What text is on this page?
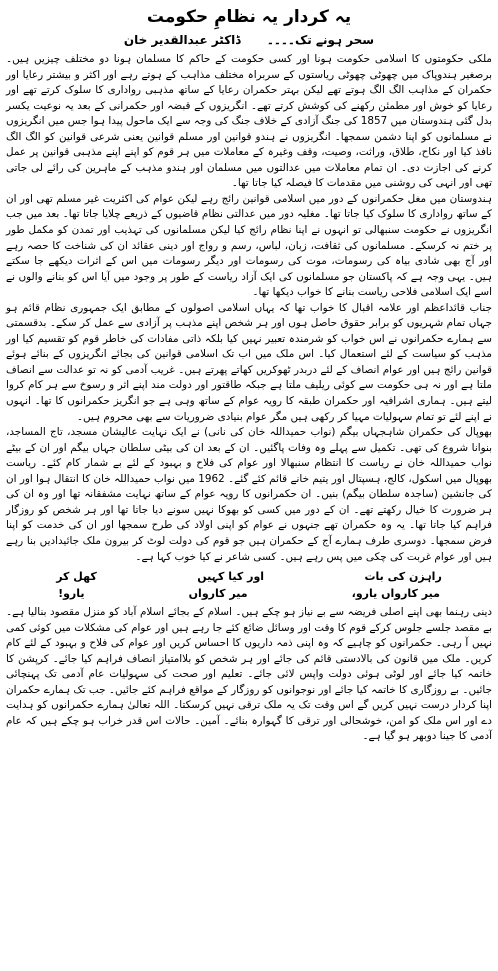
یہ کردار یہ نظامِ حکومت
سحر ہونے تک۔۔۔۔ ڈاکٹر عبدالقدیر خان

ملکی حکومتوں کا اسلامی حکومت ہونا اور کسی حکومت کے حاکم کا مسلمان ہونا دو مختلف چیزیں ہیں۔ برصغیر ہندوپاک میں چھوٹی چھوٹی ریاستوں کے سربراہ مختلف مذاہب کے ہوتے رہے اور اکثر و بیشتر رعایا اور حکمران کے مذاہب الگ الگ ہوتے تھے لیکن بہتر حکمران رعایا کے ساتھ مذہبی رواداری کا سلوک کرتے تھے اور رعایا کو خوش اور مطمئن رکھنے کی کوشش کرتے تھے۔ انگریزوں کے قبضہ اور حکمرانی کے بعد یہ نوعیت یکسر بدل گئی ہندوستان میں 1857 کی جنگ آزادی کے خلاف جنگ کی وجہ سے ایک ماحول پیدا ہوا جس میں انگریزوں نے مسلمانوں کو اپنا دشمن سمجھا۔ انگریزوں نے ہندو قوانین اور مسلم قوانین یعنی شرعی قوانین کو الگ الگ نافذ کیا اور نکاح، طلاق، وراثت، وصیت، وقف وغیرہ کے معاملات میں ہر قوم کو اپنے اپنے مذہبی قوانین پر عمل کرنے کی اجازت دی۔ ان تمام معاملات میں عدالتوں میں مسلمان اور ہندو مذہب کے ماہرین کی رائے لی جاتی تھی اور انہی کی روشنی میں مقدمات کا فیصلہ کیا جاتا تھا۔

ہندوستان میں مغل حکمرانوں کے دور میں اسلامی قوانین رائج رہے لیکن عوام کی اکثریت غیر مسلم تھی اور ان کے ساتھ رواداری کا سلوک کیا جاتا تھا۔ مغلیہ دور میں عدالتی نظام قاضیوں کے ذریعے چلایا جاتا تھا۔ بعد میں جب انگریزوں نے حکومت سنبھالی تو انہوں نے اپنا نظام رائج کیا لیکن مسلمانوں کی تہذیب اور تمدن کو مکمل طور پر ختم نہ کرسکے۔ مسلمانوں کی ثقافت، زبان، لباس، رسم و رواج اور دینی عقائد ان کی شناخت کا حصہ رہے اور آج بھی شادی بیاہ کی رسومات، موت کی رسومات اور دیگر رسومات میں اس کے اثرات دیکھے جا سکتے ہیں۔ یہی وجہ ہے کہ پاکستان جو مسلمانوں کی ایک آزاد ریاست کے طور پر وجود میں آیا اس کو بنانے والوں نے اسے ایک اسلامی فلاحی ریاست بنانے کا خواب دیکھا تھا۔

جناب قائداعظم اور علامہ اقبال کا خواب تھا کہ یہاں اسلامی اصولوں کے مطابق ایک جمہوری نظام قائم ہو جہاں تمام شہریوں کو برابر حقوق حاصل ہوں اور ہر شخص اپنے مذہب پر آزادی سے عمل کر سکے۔ بدقسمتی سے ہمارے حکمرانوں نے اس خواب کو شرمندہ تعبیر نہیں کیا بلکہ ذاتی مفادات کی خاطر قوم کو تقسیم کیا اور مذہب کو سیاست کے لئے استعمال کیا۔ اس ملک میں اب تک اسلامی قوانین کی بجائے انگریزوں کے بنائے ہوئے قوانین رائج ہیں اور عوام انصاف کے لئے دربدر ٹھوکریں کھاتے پھرتے ہیں۔ غریب آدمی کو نہ تو عدالت سے انصاف ملتا ہے اور نہ ہی حکومت سے کوئی ریلیف ملتا ہے جبکہ طاقتور اور دولت مند اپنے اثر و رسوخ سے ہر کام کروا لیتے ہیں۔ ہماری اشرافیہ اور حکمران طبقہ کا رویہ عوام کے ساتھ وہی ہے جو انگریز حکمرانوں کا تھا۔ انہوں نے اپنے لئے تو تمام سہولیات مہیا کر رکھی ہیں مگر عوام بنیادی ضروریات سے بھی محروم ہیں۔

بھوپال کی حکمران شاہجہاں بیگم (نواب حمیداللہ خان کی نانی) نے ایک نہایت عالیشان مسجد، تاج المساجد، بنوانا شروع کی تھی۔ تکمیل سے پہلے وہ وفات پاگئیں۔ ان کے بعد ان کی بیٹی سلطان جہاں بیگم اور ان کے بیٹے نواب حمیداللہ خان نے ریاست کا انتظام سنبھالا اور عوام کی فلاح و بہبود کے لئے بے شمار کام کئے۔ ریاست بھوپال میں اسکول، کالج، ہسپتال اور یتیم خانے قائم کئے گئے۔ 1962 میں نواب حمیداللہ خان کا انتقال ہوا اور ان کی جانشین (ساجدہ سلطان بیگم) بنیں۔ ان حکمرانوں کا رویہ عوام کے ساتھ نہایت مشفقانہ تھا اور وہ ان کی ہر ضرورت کا خیال رکھتے تھے۔ ان کے دور میں کسی کو بھوکا نہیں سونے دیا جاتا تھا اور ہر شخص کو روزگار فراہم کیا جاتا تھا۔ یہ وہ حکمران تھے جنہوں نے عوام کو اپنی اولاد کی طرح سمجھا اور ان کی خدمت کو اپنا فرض سمجھا۔ دوسری طرف ہمارے آج کے حکمران ہیں جو قوم کی دولت لوٹ کر بیرون ملک جائیدادیں بنا رہے ہیں اور عوام غربت کی چکی میں پس رہے ہیں۔ کسی شاعر نے کیا خوب کہا ہے۔

راہزن کی بات
اور کیا کہیں
کھل کر
میر کارواں یارو،
میر کارواں
یارو!

دینی رہنما بھی اپنے اصلی فریضہ سے بے نیاز ہو چکے ہیں۔ اسلام کے بجائے اسلام آباد کو منزل مقصود بنالیا ہے۔ بے مقصد جلسے جلوس کرکے قوم کا وقت اور وسائل ضائع کئے جا رہے ہیں اور عوام کی مشکلات میں کوئی کمی نہیں آ رہی۔ حکمرانوں کو چاہیے کہ وہ اپنی ذمہ داریوں کا احساس کریں اور عوام کی فلاح و بہبود کے لئے کام کریں۔ ملک میں قانون کی بالادستی قائم کی جائے اور ہر شخص کو بلاامتیاز انصاف فراہم کیا جائے۔ کرپشن کا خاتمہ کیا جائے اور لوٹی ہوئی دولت واپس لائی جائے۔ تعلیم اور صحت کی سہولیات عام آدمی تک پہنچائی جائیں۔ بے روزگاری کا خاتمہ کیا جائے اور نوجوانوں کو روزگار کے مواقع فراہم کئے جائیں۔ جب تک ہمارے حکمران اپنا کردار درست نہیں کریں گے اس وقت تک یہ ملک ترقی نہیں کرسکتا۔ اللہ تعالیٰ ہمارے حکمرانوں کو ہدایت دے اور اس ملک کو امن، خوشحالی اور ترقی کا گہوارہ بنائے۔ آمین۔ حالات اس قدر خراب ہو چکے ہیں کہ عام آدمی کا جینا دوبھر ہو گیا ہے۔
